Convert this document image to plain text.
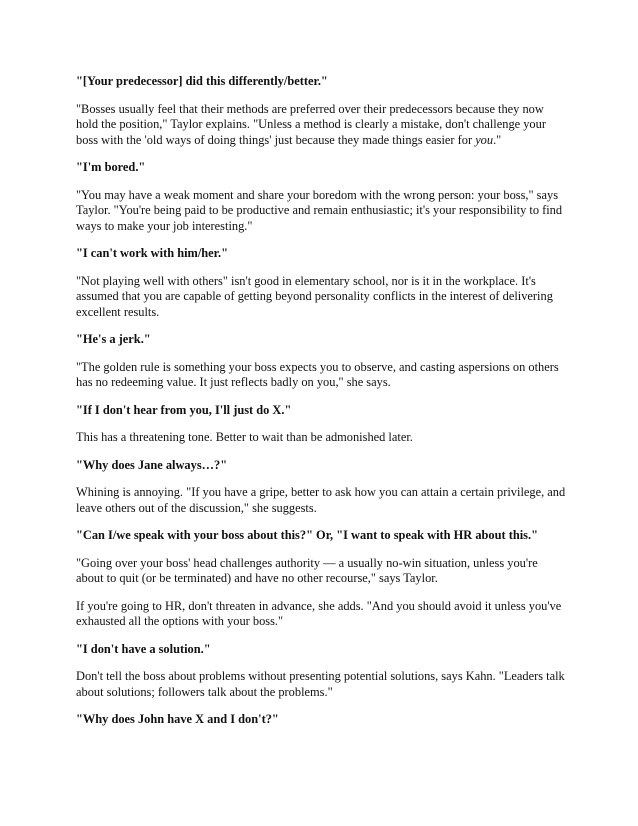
"[Your predecessor] did this differently/better."

"Bosses usually feel that their methods are preferred over their predecessors because they now hold the position," Taylor explains. "Unless a method is clearly a mistake, don't challenge your boss with the 'old ways of doing things' just because they made things easier for you."

"I'm bored."

"You may have a weak moment and share your boredom with the wrong person: your boss," says Taylor. "You're being paid to be productive and remain enthusiastic; it's your responsibility to find ways to make your job interesting."

"I can't work with him/her."

"Not playing well with others" isn't good in elementary school, nor is it in the workplace. It's assumed that you are capable of getting beyond personality conflicts in the interest of delivering excellent results.

"He's a jerk."

"The golden rule is something your boss expects you to observe, and casting aspersions on others has no redeeming value. It just reflects badly on you," she says.

"If I don't hear from you, I'll just do X."

This has a threatening tone. Better to wait than be admonished later.

"Why does Jane always…?"

Whining is annoying. "If you have a gripe, better to ask how you can attain a certain privilege, and leave others out of the discussion," she suggests.

"Can I/we speak with your boss about this?" Or, "I want to speak with HR about this."

"Going over your boss' head challenges authority — a usually no-win situation, unless you're about to quit (or be terminated) and have no other recourse," says Taylor.

If you're going to HR, don't threaten in advance, she adds. "And you should avoid it unless you've exhausted all the options with your boss."

"I don't have a solution."

Don't tell the boss about problems without presenting potential solutions, says Kahn. "Leaders talk about solutions; followers talk about the problems."

"Why does John have X and I don't?"
